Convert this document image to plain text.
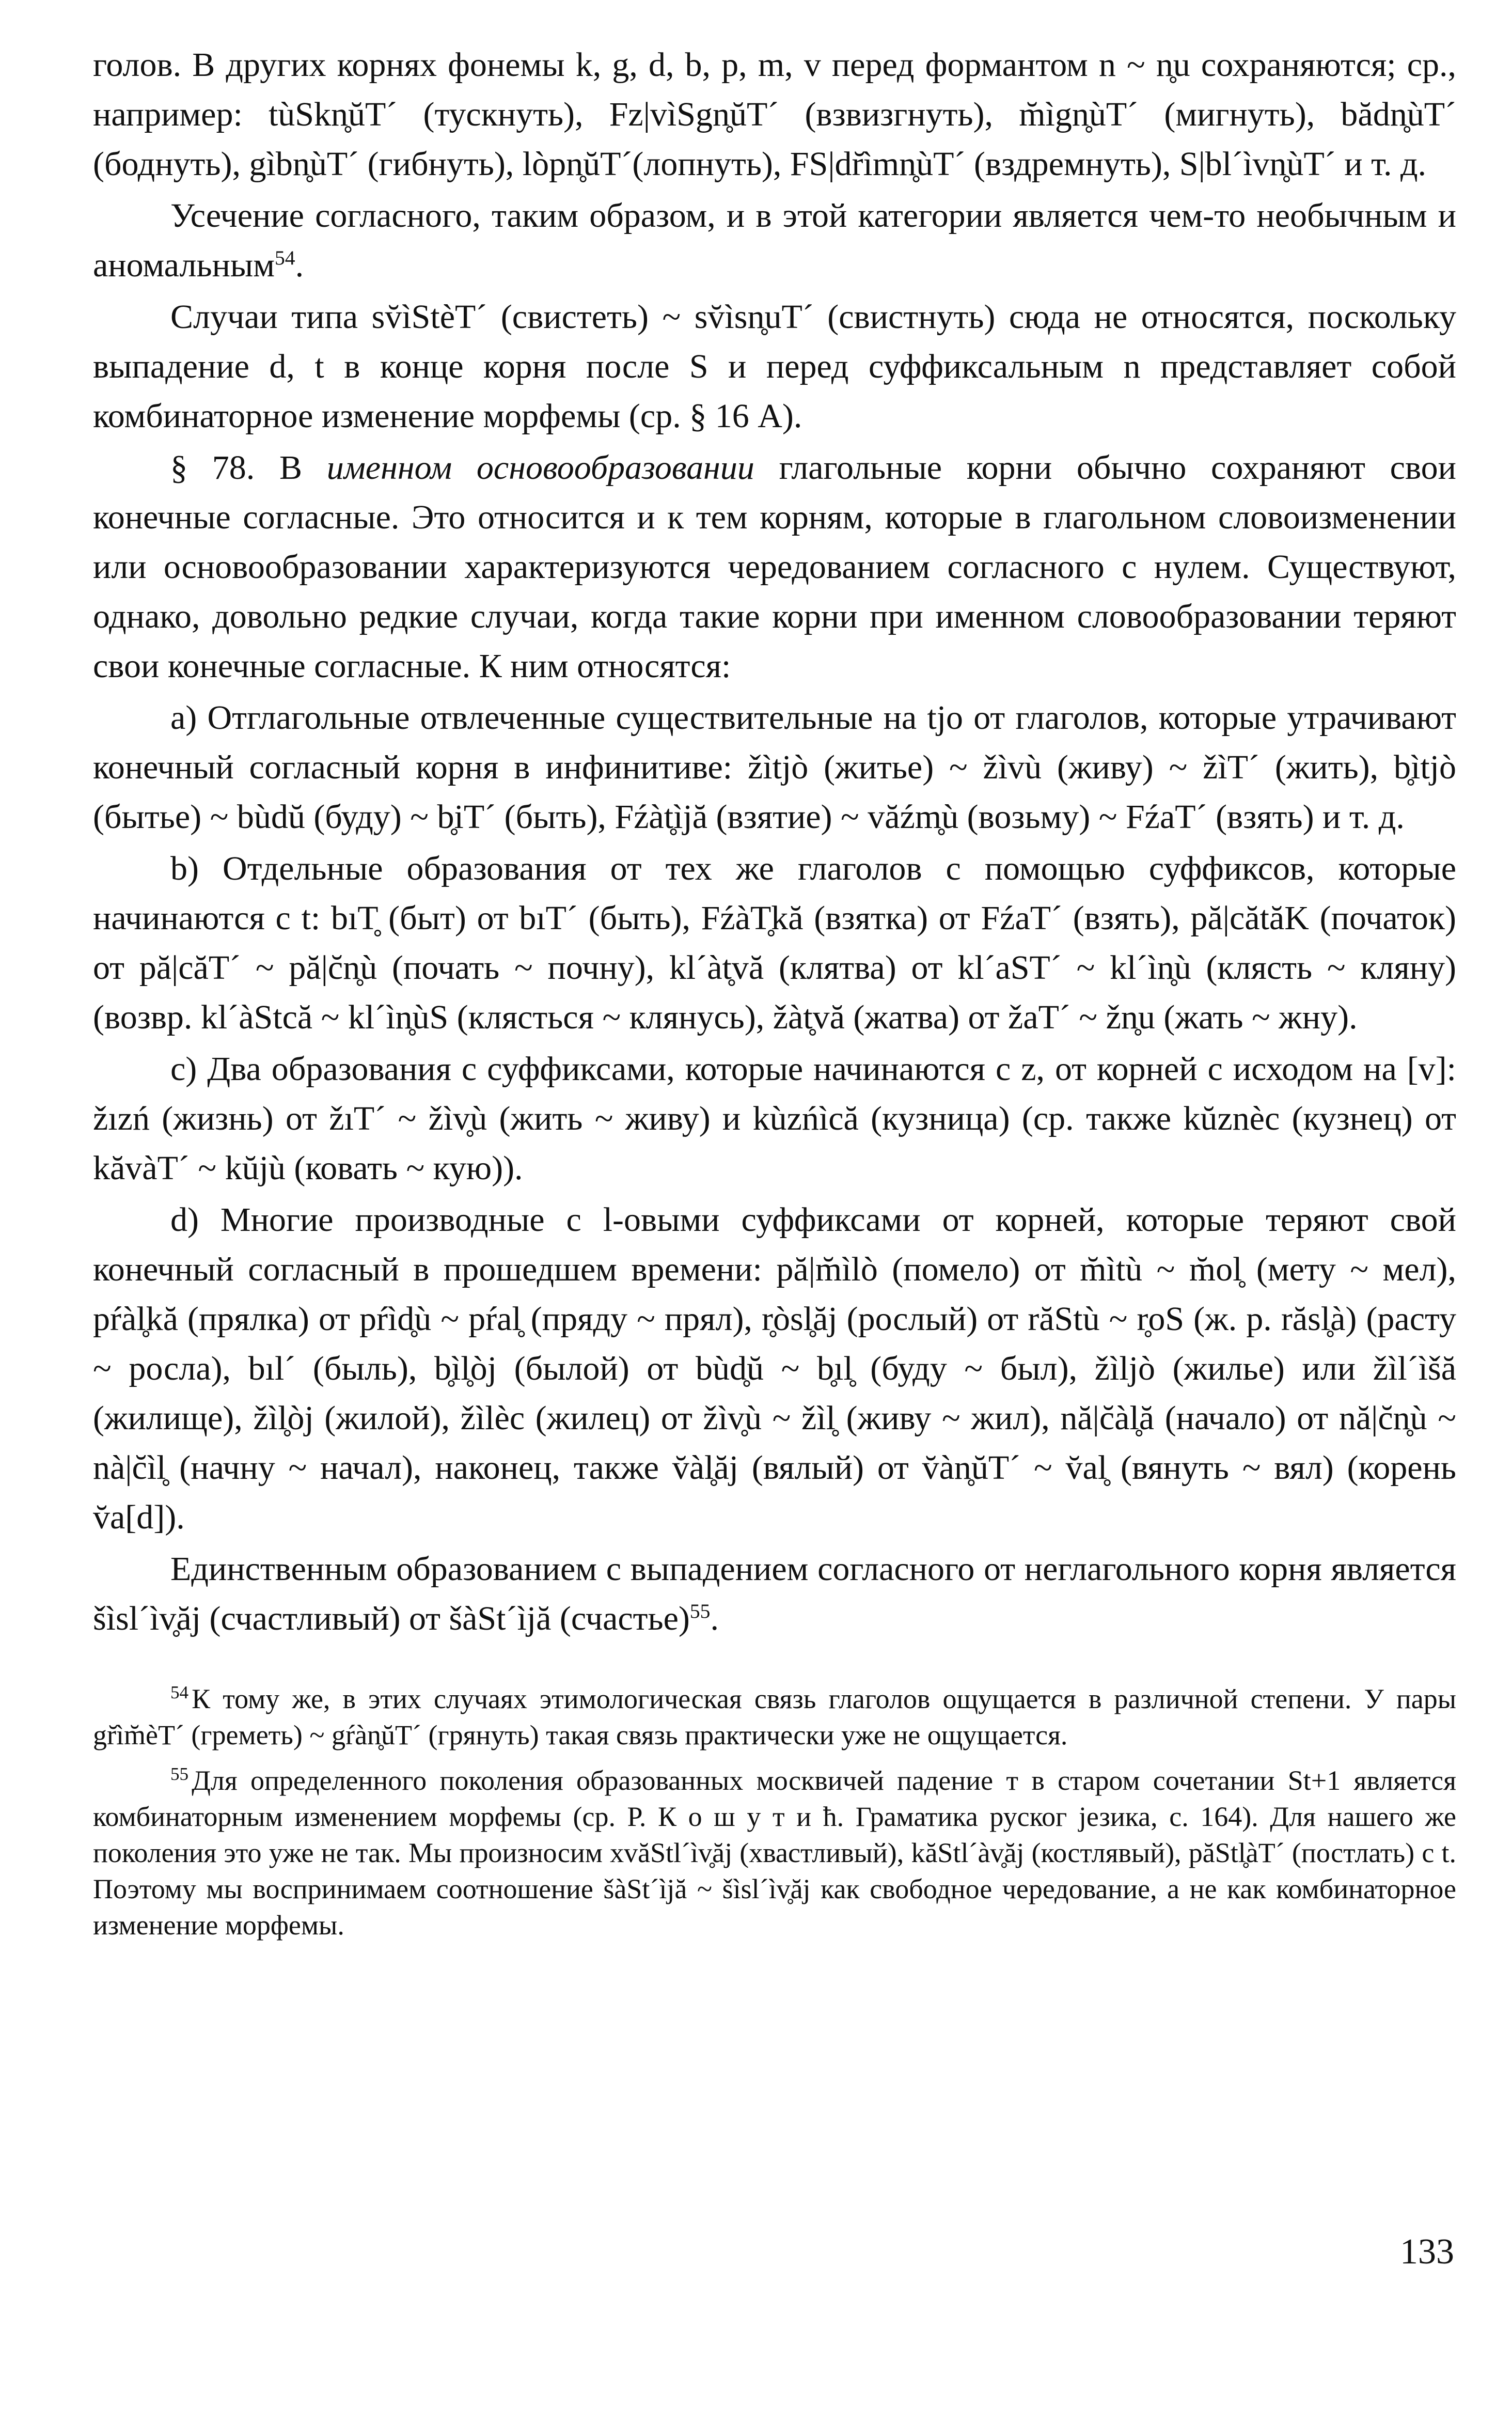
голов. В других корнях фонемы k, g, d, b, p, m, v перед формантом n ~ n̥u сохраняются; ср., например: tùSkn̥ŭT´ (тускнуть), Fz|vìSgn̥ŭT´ (взвизгнуть), m̆ìgn̥ùT´ (мигнуть), bădn̥ùT´ (боднуть), gìbn̥ùT´ (гибнуть), lòpn̥ŭT´(лопнуть), FS|dr̆ìmn̥ùT´ (вздремнуть), S|bl´ìvn̥ùT´ и т. д.

Усечение согласного, таким образом, и в этой категории является чем-то необычным и аномальным$^{54}$.

Случаи типа sv̆ìStèT´ (свистеть) ~ sv̆ìsn̥uT´ (свистнуть) сюда не относятся, поскольку выпадение d, t в конце корня после S и перед суффиксальным n представляет собой комбинаторное изменение морфемы (ср. § 16 А).

§ 78. В именном основообразовании глагольные корни обычно сохраняют свои конечные согласные. Это относится и к тем корням, которые в глагольном словоизменении или основообразовании характеризуются чередованием согласного с нулем. Существуют, однако, довольно редкие случаи, когда такие корни при именном словообразовании теряют свои конечные согласные. К ним относятся:

a) Отглагольные отвлеченные существительные на tjo от глаголов, которые утрачивают конечный согласный корня в инфинитиве: žìtjò (житье) ~ žìvù (живу) ~ žìT´ (жить), b̥ìtjò (бытье) ~ bùdŭ (буду) ~ b̥iT´ (быть), Fźàt̥ìjă (взятие) ~ văźm̥ù (возьму) ~ FźaT´ (взять) и т. д.

b) Отдельные образования от тех же глаголов с помощью суффиксов, которые начинаются с t: bıT̥ (быт) от bıT´ (быть), FźàT̥kă (взятка) от FźaT´ (взять), pă|cătăK (початок) от pă|căT´ ~ pă|c̆n̥ù (почать ~ почну), kl´àt̥vă (клятва) от kl´aST´ ~ kl´ìn̥ù (клясть ~ кляну) (возвр. kl´àStcă ~ kl´ìn̥ùS (клясться ~ клянусь), žàt̥vă (жатва) от žaT´ ~ žn̥u (жать ~ жну).

c) Два образования с суффиксами, которые начинаются с z, от корней с исходом на [v]: žızń (жизнь) от žıT´ ~ žìv̥ù (жить ~ живу) и kùzńìcă (кузница) (ср. также kŭznèc (кузнец) от kăvàT´ ~ kŭjù (ковать ~ кую)).

d) Многие производные с l-овыми суффиксами от корней, которые теряют свой конечный согласный в прошедшем времени: pă|m̆ìlò (помело) от m̆ìtù ~ m̆ol̥ (мету ~ мел), pŕàl̥kă (прялка) от pŕìd̥ù ~ pŕal̥ (пряду ~ прял), r̥òsl̥ăj (рослый) от răStù ~ r̥oS (ж. р. răsl̥à) (расту ~ росла), bıl´ (быль), b̥ìl̥òj (былой) от bùd̥ŭ ~ b̥ıl̥ (буду ~ был), žìljò (жилье) или žìl´ìšă (жилище), žìl̥òj (жилой), žìlèc (жилец) от žìv̥ù ~ žìl̥ (живу ~ жил), nă|c̆àl̥ă (начало) от nă|c̆n̥ù ~ nà|c̆ìl̥ (начну ~ начал), наконец, также v̆àl̥ăj (вялый) от v̆àn̥ŭT´ ~ v̆al̥ (вянуть ~ вял) (корень v̆a[d]).

Единственным образованием с выпадением согласного от неглагольного корня является šìsl´ìv̥ăj (счастливый) от šàSt´ìjă (счастье)$^{55}$.

$^{54}$ К тому же, в этих случаях этимологическая связь глаголов ощущается в различной степени. У пары gr̆ìm̆èT´ (греметь) ~ gŕàn̥ŭT´ (грянуть) такая связь практически уже не ощущается.

$^{55}$ Для определенного поколения образованных москвичей падение т в старом сочетании St+1 является комбинаторным изменением морфемы (ср. Р. К о ш у т и ћ. Граматика руског језика, с. 164). Для нашего же поколения это уже не так. Мы произносим xvăStl´ìv̥ăj (хвастливый), kăStl´àv̥ăj (костлявый), păStl̥àT´ (постлать) с t. Поэтому мы воспринимаем соотношение šàSt´ìjă ~ šìsl´ìv̥ăj как свободное чередование, а не как комбинаторное изменение морфемы.

133
